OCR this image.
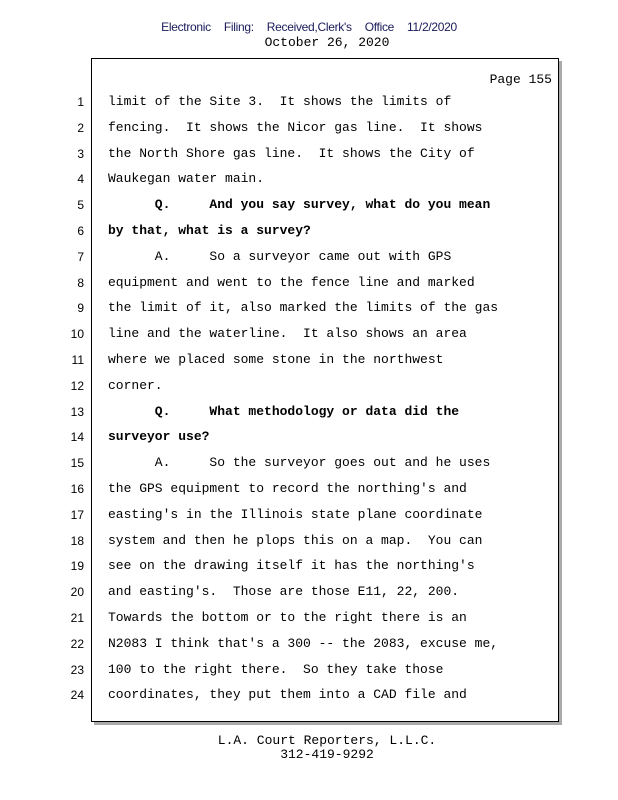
Electronic Filing: Received,Clerk's Office 11/2/2020
October 26, 2020
Page 155
1 limit of the Site 3.  It shows the limits of
2 fencing.  It shows the Nicor gas line.  It shows
3 the North Shore gas line.  It shows the City of
4 Waukegan water main.
5 Q.     And you say survey, what do you mean
6 by that, what is a survey?
7 A.     So a surveyor came out with GPS
8 equipment and went to the fence line and marked
9 the limit of it, also marked the limits of the gas
10 line and the waterline.  It also shows an area
11 where we placed some stone in the northwest
12 corner.
13 Q.     What methodology or data did the
14 surveyor use?
15 A.     So the surveyor goes out and he uses
16 the GPS equipment to record the northing's and
17 easting's in the Illinois state plane coordinate
18 system and then he plops this on a map.  You can
19 see on the drawing itself it has the northing's
20 and easting's.  Those are those E11, 22, 200.
21 Towards the bottom or to the right there is an
22 N2083 I think that's a 300 -- the 2083, excuse me,
23 100 to the right there.  So they take those
24 coordinates, they put them into a CAD file and
L.A. Court Reporters, L.L.C.
312-419-9292
